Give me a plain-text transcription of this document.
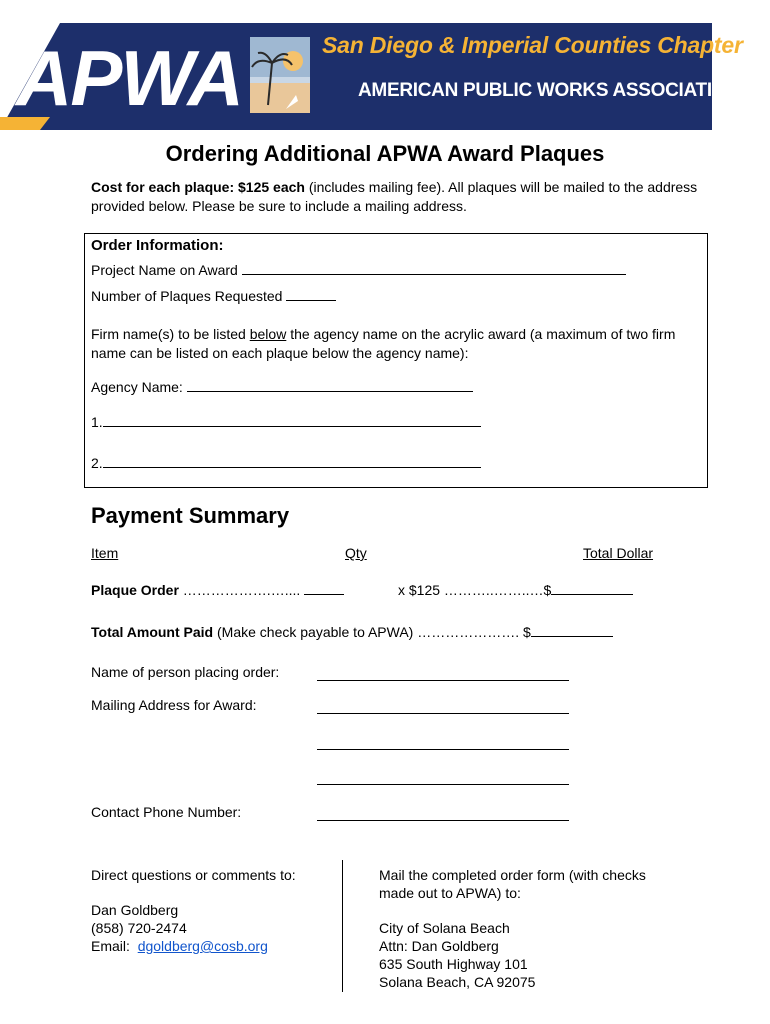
APWA	San Diego & Imperial Counties Chapter
AMERICAN PUBLIC WORKS ASSOCIATION
Ordering Additional APWA Award Plaques
Cost for each plaque: $125 each (includes mailing fee). All plaques will be mailed to the address provided below. Please be sure to include a mailing address.
Order Information:
Project Name on Award
Number of Plaques Requested
Firm name(s) to be listed below the agency name on the acrylic award (a maximum of two firm name can be listed on each plaque below the agency name):
Agency Name:
1.
2.
Payment Summary
Item	Qty	Total Dollar
Plaque Order ……………….…....	x $125 ………..……..…$
Total Amount Paid (Make check payable to APWA) …………………. $
Name of person placing order:
Mailing Address for Award:
Contact Phone Number:
Direct questions or comments to:
Dan Goldberg
(858) 720-2474
Email: dgoldberg@cosb.org
Mail the completed order form (with checks made out to APWA) to:
City of Solana Beach
Attn: Dan Goldberg
635 South Highway 101
Solana Beach, CA 92075
